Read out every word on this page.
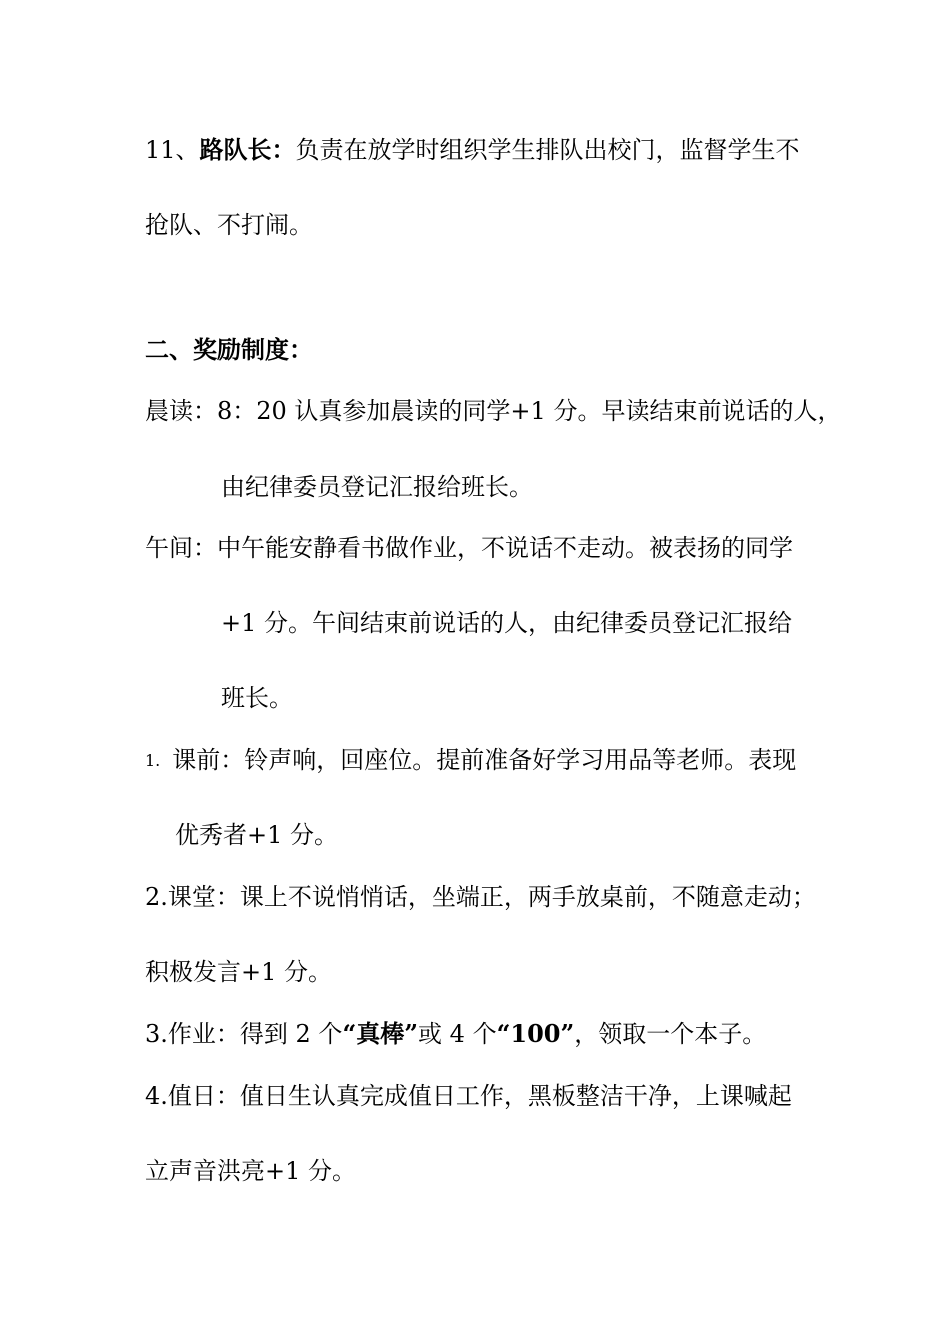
11、路队长：负责在放学时组织学生排队出校门，监督学生不
抢队、不打闹。
二、奖励制度：
晨读：8：20 认真参加晨读的同学+1 分。早读结束前说话的人，
由纪律委员登记汇报给班长。
午间：中午能安静看书做作业，不说话不走动。被表扬的同学
+1 分。午间结束前说话的人，由纪律委员登记汇报给
班长。
1. 课前：铃声响，回座位。提前准备好学习用品等老师。表现
优秀者+1 分。
2.课堂：课上不说悄悄话，坐端正，两手放桌前，不随意走动；
积极发言+1 分。
3.作业：得到 2 个“真棒”或 4 个“100”，领取一个本子。
4.值日：值日生认真完成值日工作，黑板整洁干净，上课喊起
立声音洪亮+1 分。
